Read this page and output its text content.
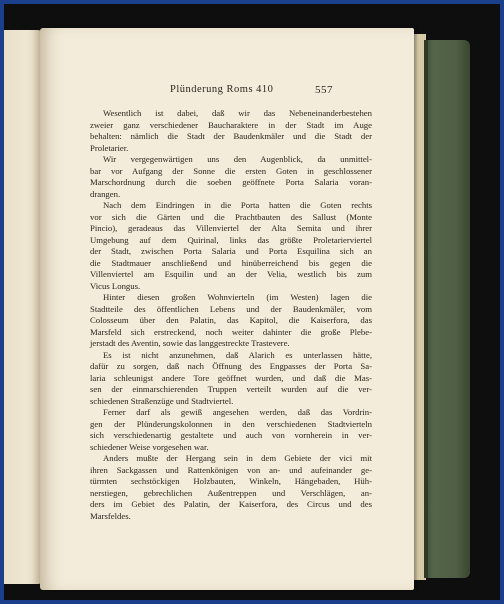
Plünderung Roms 410	557
Wesentlich ist dabei, daß wir das Nebeneinanderbestehen
zweier ganz verschiedener Baucharaktere in der Stadt im Auge
behalten: nämlich die Stadt der Baudenkmäler und die Stadt der
Proletarier.
Wir vergegenwärtigen uns den Augenblick, da unmittel-
bar vor Aufgang der Sonne die ersten Goten in geschlossener
Marschordnung durch die soeben geöffnete Porta Salaria voran-
drangen.
Nach dem Eindringen in die Porta hatten die Goten rechts
vor sich die Gärten und die Prachtbauten des Sallust (Monte
Pincio), geradeaus das Villenviertel der Alta Semita und ihrer
Umgebung auf dem Quirinal, links das größte Proletarierviertel
der Stadt, zwischen Porta Salaria und Porta Esquilina sich an
die Stadtmauer anschließend und hinüberreichend bis gegen die
Villenviertel am Esquilin und an der Velia, westlich bis zum
Vicus Longus.
Hinter diesen großen Wohnvierteln (im Westen) lagen die
Stadtteile des öffentlichen Lebens und der Baudenkmäler, vom
Colosseum über den Palatin, das Kapitol, die Kaiserfora, das
Marsfeld sich erstreckend, noch weiter dahinter die große Plebe-
jerstadt des Aventin, sowie das langgestreckte Trastevere.
Es ist nicht anzunehmen, daß Alarich es unterlassen hätte,
dafür zu sorgen, daß nach Öffnung des Engpasses der Porta Sa-
laria schleunigst andere Tore geöffnet wurden, und daß die Mas-
sen der einmarschierenden Truppen verteilt wurden auf die ver-
schiedenen Straßenzüge und Stadtviertel.
Ferner darf als gewiß angesehen werden, daß das Vordrin-
gen der Plünderungskolonnen in den verschiedenen Stadtvierteln
sich verschiedenartig gestaltete und auch von vornherein in ver-
schiedener Weise vorgesehen war.
Anders mußte der Hergang sein in dem Gebiete der vici mit
ihren Sackgassen und Rattenkönigen von an- und aufeinander ge-
türmten sechstöckigen Holzbauten, Winkeln, Hängebaden, Hüh-
nerstiegen, gebrechlichen Außentreppen und Verschlägen, an-
ders im Gebiet des Palatin, der Kaiserfora, des Circus und des
Marsfeldes.
